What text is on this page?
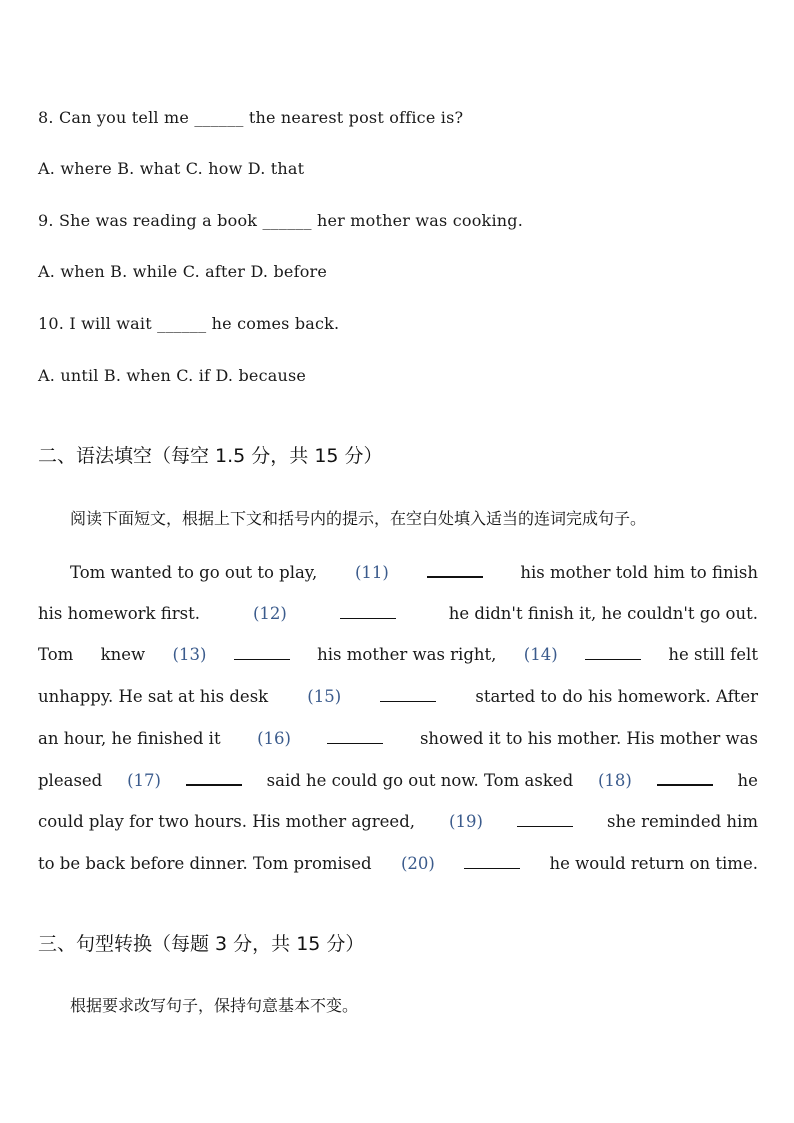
8. Can you tell me ______ the nearest post office is?
A. where B. what C. how D. that
9. She was reading a book ______ her mother was cooking.
A. when B. while C. after D. before
10. I will wait ______ he comes back.
A. until B. when C. if D. because
二、语法填空（每空 1.5 分，共 15 分）
阅读下面短文，根据上下文和括号内的提示，在空白处填入适当的连词完成句子。
Tom wanted to go out to play, (11)	his mother told him to finish
his homework first.	(12)	he didn't finish it, he couldn't go out.
Tom knew (13)	his mother was right, (14)	he still felt
unhappy. He sat at his desk (15)	started to do his homework. After
an hour, he finished it (16)	showed it to his mother. His mother was
pleased (17)	said he could go out now. Tom asked (18)	he
could play for two hours. His mother agreed, (19)	she reminded him
to be back before dinner. Tom promised (20)	he would return on time.
三、句型转换（每题 3 分，共 15 分）
根据要求改写句子，保持句意基本不变。
